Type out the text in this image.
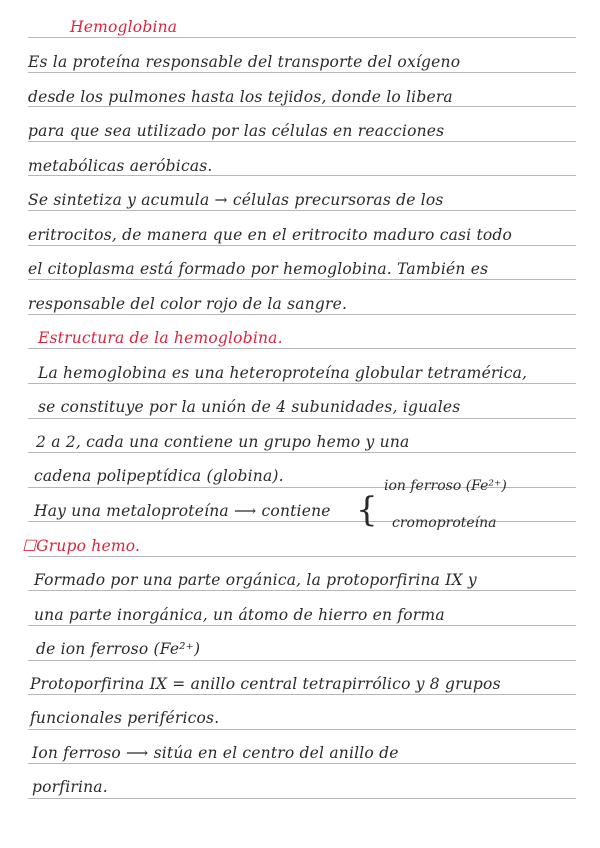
Hemoglobina
Es la proteína responsable del transporte del oxígeno
desde los pulmones hasta los tejidos, donde lo libera
para que sea utilizado por las células en reacciones
metabólicas aeróbicas.
Se sintetiza y acumula → células precursoras de los
eritrocitos, de manera que en el eritrocito maduro casi todo
el citoplasma está formado por hemoglobina. También es
responsable del color rojo de la sangre.
Estructura de la hemoglobina.
La hemoglobina es una heteroproteína globular tetramérica,
se constituye por la unión de 4 subunidades, iguales
2 a 2, cada una contiene un grupo hemo y una
cadena polipeptídica (globina).
Hay una metaloproteína ⟶ contiene {
ion ferroso (Fe²⁺)
cromoproteína
☐Grupo hemo.
Formado por una parte orgánica, la protoporfirina IX y
una parte inorgánica, un átomo de hierro en forma
de ion ferroso (Fe²⁺)
Protoporfirina IX = anillo central tetrapirrólico y 8 grupos
funcionales periféricos.
Ion ferroso ⟶ sitúa en el centro del anillo de
porfirina.
